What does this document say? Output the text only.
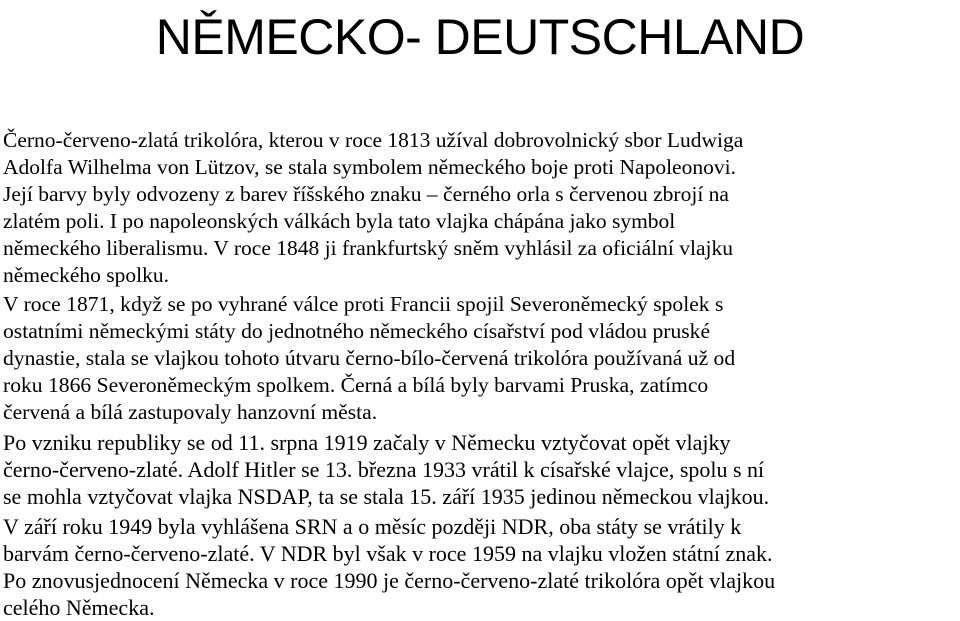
NĚMECKO- DEUTSCHLAND

Černo-červeno-zlatá trikolóra, kterou v roce 1813 užíval dobrovolnický sbor Ludwiga
Adolfa Wilhelma von Lützov, se stala symbolem německého boje proti Napoleonovi.
Její barvy byly odvozeny z barev říšského znaku – černého orla s červenou zbrojí na
zlatém poli. I po napoleonských válkách byla tato vlajka chápána jako symbol
německého liberalismu. V roce 1848 ji frankfurtský sněm vyhlásil za oficiální vlajku
německého spolku.

V roce 1871, když se po vyhrané válce proti Francii spojil Severoněmecký spolek s
ostatními německými státy do jednotného německého císařství pod vládou pruské
dynastie, stala se vlajkou tohoto útvaru černo-bílo-červená trikolóra používaná už od
roku 1866 Severoněmeckým spolkem. Černá a bílá byly barvami Pruska, zatímco
červená a bílá zastupovaly hanzovní města.

Po vzniku republiky se od 11. srpna 1919 začaly v Německu vztyčovat opět vlajky
černo-červeno-zlaté. Adolf Hitler se 13. března 1933 vrátil k císařské vlajce, spolu s ní
se mohla vztyčovat vlajka NSDAP, ta se stala 15. září 1935 jedinou německou vlajkou.

V září roku 1949 byla vyhlášena SRN a o měsíc později NDR, oba státy se vrátily k
barvám černo-červeno-zlaté. V NDR byl však v roce 1959 na vlajku vložen státní znak.
Po znovusjednocení Německa v roce 1990 je černo-červeno-zlaté trikolóra opět vlajkou
celého Německa.
